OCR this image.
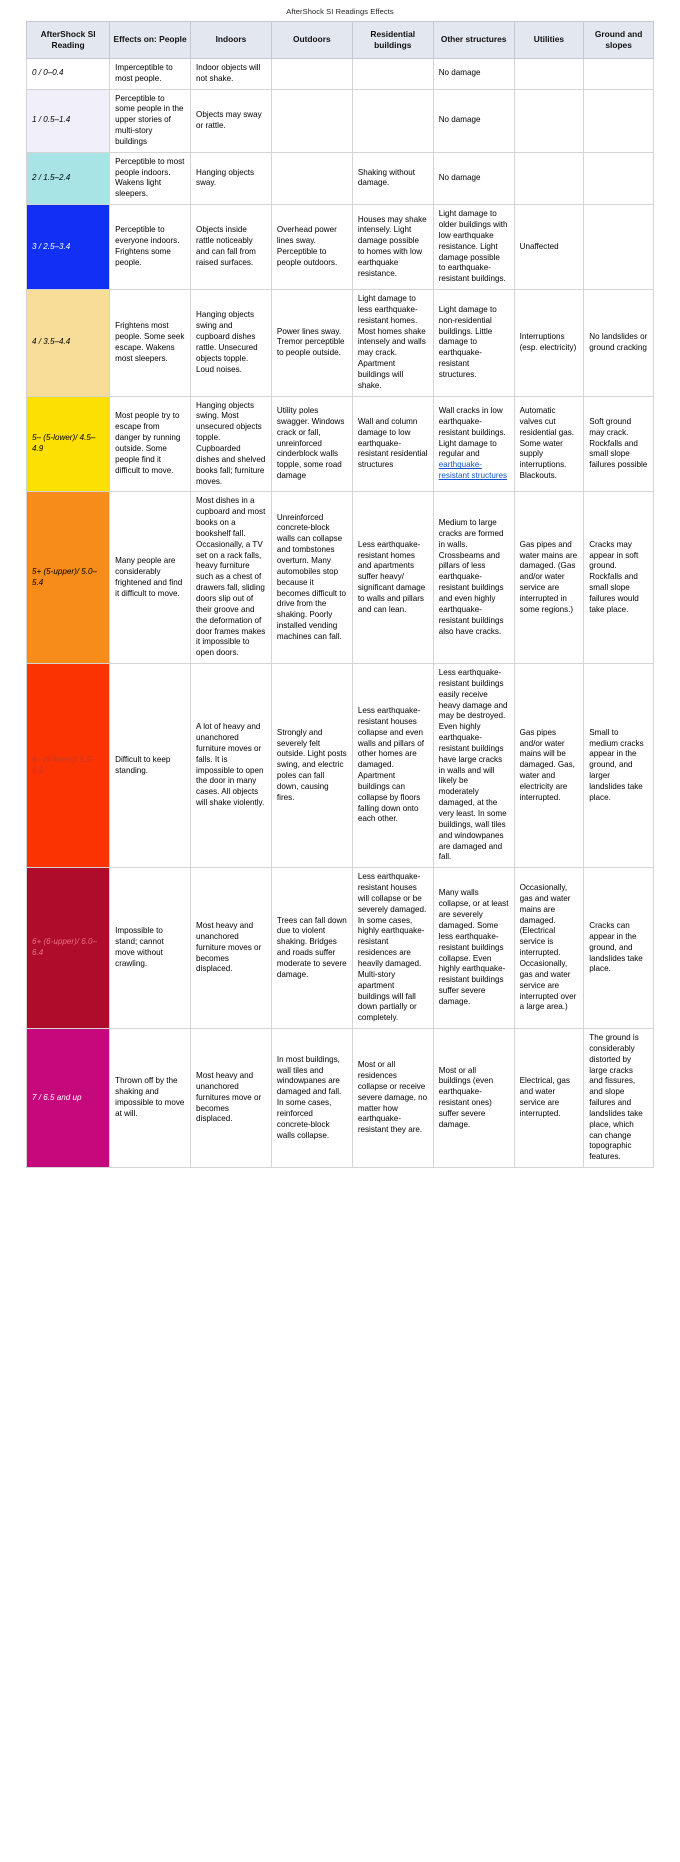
AfterShock SI Readings Effects
AfterShock SI Reading	Effects on: People	Indoors	Outdoors	Residential buildings	Other structures	Utilities	Ground and slopes
0 / 0–0.4	Imperceptible to most people.	Indoor objects will not shake.			No damage		
1 / 0.5–1.4	Perceptible to some people in the upper stories of multi-story buildings	Objects may sway or rattle.			No damage		
2 / 1.5–2.4	Perceptible to most people indoors. Wakens light sleepers.	Hanging objects sway.		Shaking without damage.	No damage		
3 / 2.5–3.4	Perceptible to everyone indoors. Frightens some people.	Objects inside rattle noticeably and can fall from raised surfaces.	Overhead power lines sway. Perceptible to people outdoors.	Houses may shake intensely. Light damage possible to homes with low earthquake resistance.	Light damage to older buildings with low earthquake resistance. Light damage possible to earthquake-resistant buildings.	Unaffected	
4 / 3.5–4.4	Frightens most people. Some seek escape. Wakens most sleepers.	Hanging objects swing and cupboard dishes rattle. Unsecured objects topple. Loud noises.	Power lines sway. Tremor perceptible to people outside.	Light damage to less earthquake-resistant homes. Most homes shake intensely and walls may crack. Apartment buildings will shake.	Light damage to non-residential buildings. Little damage to earthquake-resistant structures.	Interruptions (esp. electricity)	No landslides or ground cracking
5– (5-lower)/ 4.5–4.9	Most people try to escape from danger by running outside. Some people find it difficult to move.	Hanging objects swing. Most unsecured objects topple. Cupboarded dishes and shelved books fall; furniture moves.	Utility poles swagger. Windows crack or fall, unreinforced cinderblock walls topple, some road damage	Wall and column damage to low earthquake-resistant residential structures	Wall cracks in low earthquake-resistant buildings. Light damage to regular and earthquake-resistant structures	Automatic valves cut residential gas. Some water supply interruptions. Blackouts.	Soft ground may crack. Rockfalls and small slope failures possible
5+ (5-upper)/ 5.0–5.4	Many people are considerably frightened and find it difficult to move.	Most dishes in a cupboard and most books on a bookshelf fall. Occasionally, a TV set on a rack falls, heavy furniture such as a chest of drawers fall, sliding doors slip out of their groove and the deformation of door frames makes it impossible to open doors.	Unreinforced concrete-block walls can collapse and tombstones overturn. Many automobiles stop because it becomes difficult to drive from the shaking. Poorly installed vending machines can fall.	Less earthquake-resistant homes and apartments suffer heavy/ significant damage to walls and pillars and can lean.	Medium to large cracks are formed in walls. Crossbeams and pillars of less earthquake-resistant buildings and even highly earthquake-resistant buildings also have cracks.	Gas pipes and water mains are damaged. (Gas and/or water service are interrupted in some regions.)	Cracks may appear in soft ground. Rockfalls and small slope failures would take place.
6– (6-lower)/ 5.5–5.9	Difficult to keep standing.	A lot of heavy and unanchored furniture moves or falls. It is impossible to open the door in many cases. All objects will shake violently.	Strongly and severely felt outside. Light posts swing, and electric poles can fall down, causing fires.	Less earthquake-resistant houses collapse and even walls and pillars of other homes are damaged. Apartment buildings can collapse by floors falling down onto each other.	Less earthquake-resistant buildings easily receive heavy damage and may be destroyed. Even highly earthquake-resistant buildings have large cracks in walls and will likely be moderately damaged, at the very least. In some buildings, wall tiles and windowpanes are damaged and fall.	Gas pipes and/or water mains will be damaged. Gas, water and electricity are interrupted.	Small to medium cracks appear in the ground, and larger landslides take place.
6+ (6-upper)/ 6.0–6.4	Impossible to stand; cannot move without crawling.	Most heavy and unanchored furniture moves or becomes displaced.	Trees can fall down due to violent shaking. Bridges and roads suffer moderate to severe damage.	Less earthquake-resistant houses will collapse or be severely damaged. In some cases, highly earthquake-resistant residences are heavily damaged. Multi-story apartment buildings will fall down partially or completely.	Many walls collapse, or at least are severely damaged. Some less earthquake-resistant buildings collapse. Even highly earthquake-resistant buildings suffer severe damage.	Occasionally, gas and water mains are damaged. (Electrical service is interrupted. Occasionally, gas and water service are interrupted over a large area.)	Cracks can appear in the ground, and landslides take place.
7 / 6.5 and up	Thrown off by the shaking and impossible to move at will.	Most heavy and unanchored furnitures move or becomes displaced.	In most buildings, wall tiles and windowpanes are damaged and fall. In some cases, reinforced concrete-block walls collapse.	Most or all residences collapse or receive severe damage, no matter how earthquake-resistant they are.	Most or all buildings (even earthquake-resistant ones) suffer severe damage.	Electrical, gas and water service are interrupted.	The ground is considerably distorted by large cracks and fissures, and slope failures and landslides take place, which can change topographic features.
